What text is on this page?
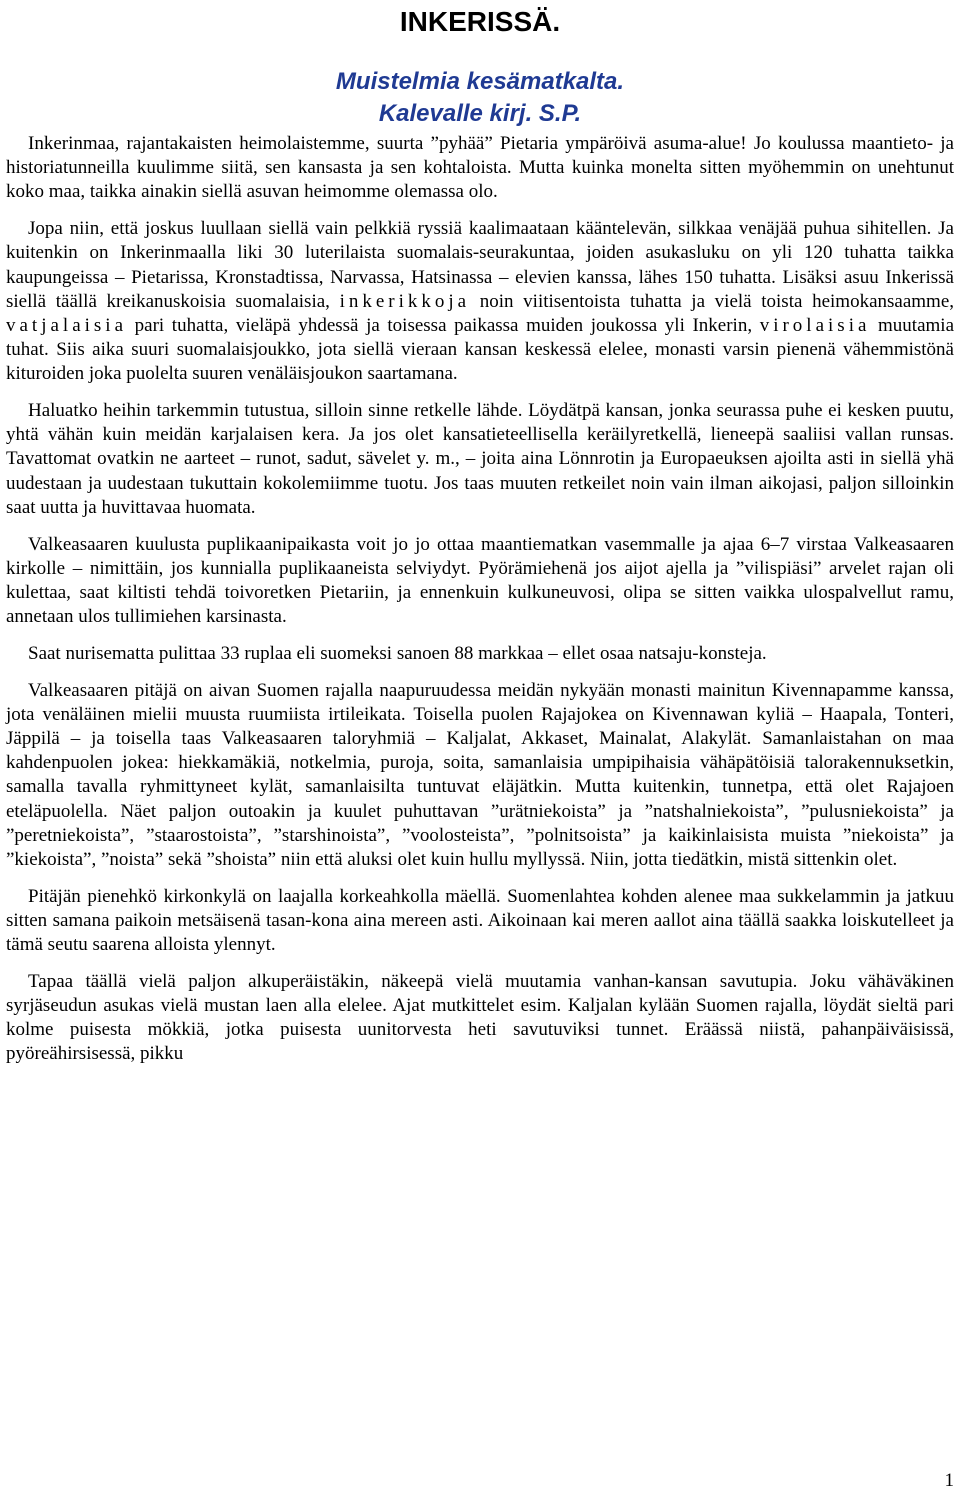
INKERISSÄ.
Muistelmia kesämatkalta.
Kalevalle kirj. S.P.

Inkerinmaa, rajantakaisten heimolaistemme, suurta ”pyhää” Pietaria ympäröivä asuma-alue! Jo koulussa maantieto- ja historiatunneilla kuulimme siitä, sen kansasta ja sen kohtaloista. Mutta kuinka monelta sitten myöhemmin on unehtunut koko maa, taikka ainakin siellä asuvan heimomme olemassa olo.

Jopa niin, että joskus luullaan siellä vain pelkkiä ryssiä kaalimaataan kääntelevän, silkkaa venäjää puhua sihitellen. Ja kuitenkin on Inkerinmaalla liki 30 luterilaista suomalais-seurakuntaa, joiden asukasluku on yli 120 tuhatta taikka kaupungeissa – Pietarissa, Kronstadtissa, Narvassa, Hatsinassa – elevien kanssa, lähes 150 tuhatta. Lisäksi asuu Inkerissä siellä täällä kreikanuskoisia suomalaisia, inkerikkoja noin viitisentoista tuhatta ja vielä toista heimokansaamme, vatjalaisia pari tuhatta, vieläpä yhdessä ja toisessa paikassa muiden joukossa yli Inkerin, virolaisia muutamia tuhat. Siis aika suuri suomalaisjoukko, jota siellä vieraan kansan keskessä elelee, monasti varsin pienenä vähemmistönä kituroiden joka puolelta suuren venäläisjoukon saartamana.

Haluatko heihin tarkemmin tutustua, silloin sinne retkelle lähde. Löydätpä kansan, jonka seurassa puhe ei kesken puutu, yhtä vähän kuin meidän karjalaisen kera. Ja jos olet kansatieteellisella keräilyretkellä, lieneepä saaliisi vallan runsas. Tavattomat ovatkin ne aarteet – runot, sadut, sävelet y. m., – joita aina Lönnrotin ja Europaeuksen ajoilta asti in siellä yhä uudestaan ja uudestaan tukuttain kokolemiimme tuotu. Jos taas muuten retkeilet noin vain ilman aikojasi, paljon silloinkin saat uutta ja huvittavaa huomata.

Valkeasaaren kuulusta puplikaanipaikasta voit jo jo ottaa maantiematkan vasemmalle ja ajaa 6–7 virstaa Valkeasaaren kirkolle – nimittäin, jos kunnialla puplikaaneista selviydyt. Pyörämiehenä jos aijot ajella ja ”vilispiäsi” arvelet rajan oli kulettaa, saat kiltisti tehdä toivoretken Pietariin, ja ennenkuin kulkuneuvosi, olipa se sitten vaikka ulospalvellut ramu, annetaan ulos tullimiehen karsinasta.

Saat nurisematta pulittaa 33 ruplaa eli suomeksi sanoen 88 markkaa – ellet osaa natsaju-konsteja.

Valkeasaaren pitäjä on aivan Suomen rajalla naapuruudessa meidän nykyään monasti mainitun Kivennapamme kanssa, jota venäläinen mielii muusta ruumiista irtileikata. Toisella puolen Rajajokea on Kivennawan kyliä – Haapala, Tonteri, Jäppilä – ja toisella taas Valkeasaaren taloryhmiä – Kaljalat, Akkaset, Mainalat, Alakylät. Samanlaistahan on maa kahdenpuolen jokea: hiekkamäkiä, notkelmia, puroja, soita, samanlaisia umpipihaisia vähäpätöisiä talorakennuksetkin, samalla tavalla ryhmittyneet kylät, samanlaisilta tuntuvat eläjätkin. Mutta kuitenkin, tunnetpa, että olet Rajajoen eteläpuolella. Näet paljon outoakin ja kuulet puhuttavan ”urätniekoista” ja ”natshalniekoista”, ”pulusniekoista” ja ”peretniekoista”, ”staarostoista”, ”starshinoista”, ”voolosteista”, ”polnitsoista” ja kaikinlaisista muista ”niekoista” ja ”kiekoista”, ”noista” sekä ”shoista” niin että aluksi olet kuin hullu myllyssä. Niin, jotta tiedätkin, mistä sittenkin olet.

Pitäjän pienehkö kirkonkylä on laajalla korkeahkolla mäellä. Suomenlahtea kohden alenee maa sukkelammin ja jatkuu sitten samana paikoin metsäisenä tasan-kona aina mereen asti. Aikoinaan kai meren aallot aina täällä saakka loiskutelleet ja tämä seutu saarena alloista ylennyt.

Tapaa täällä vielä paljon alkuperäistäkin, näkeepä vielä muutamia vanhan-kansan savutupia. Joku vähäväkinen syrjäseudun asukas vielä mustan laen alla elelee. Ajat mutkittelet esim. Kaljalan kylään Suomen rajalla, löydät sieltä pari kolme puisesta mökkiä, jotka puisesta uunitorvesta heti savutuviksi tunnet. Eräässä niistä, pahanpäiväisissä, pyöreähirsisessä, pikku

1
